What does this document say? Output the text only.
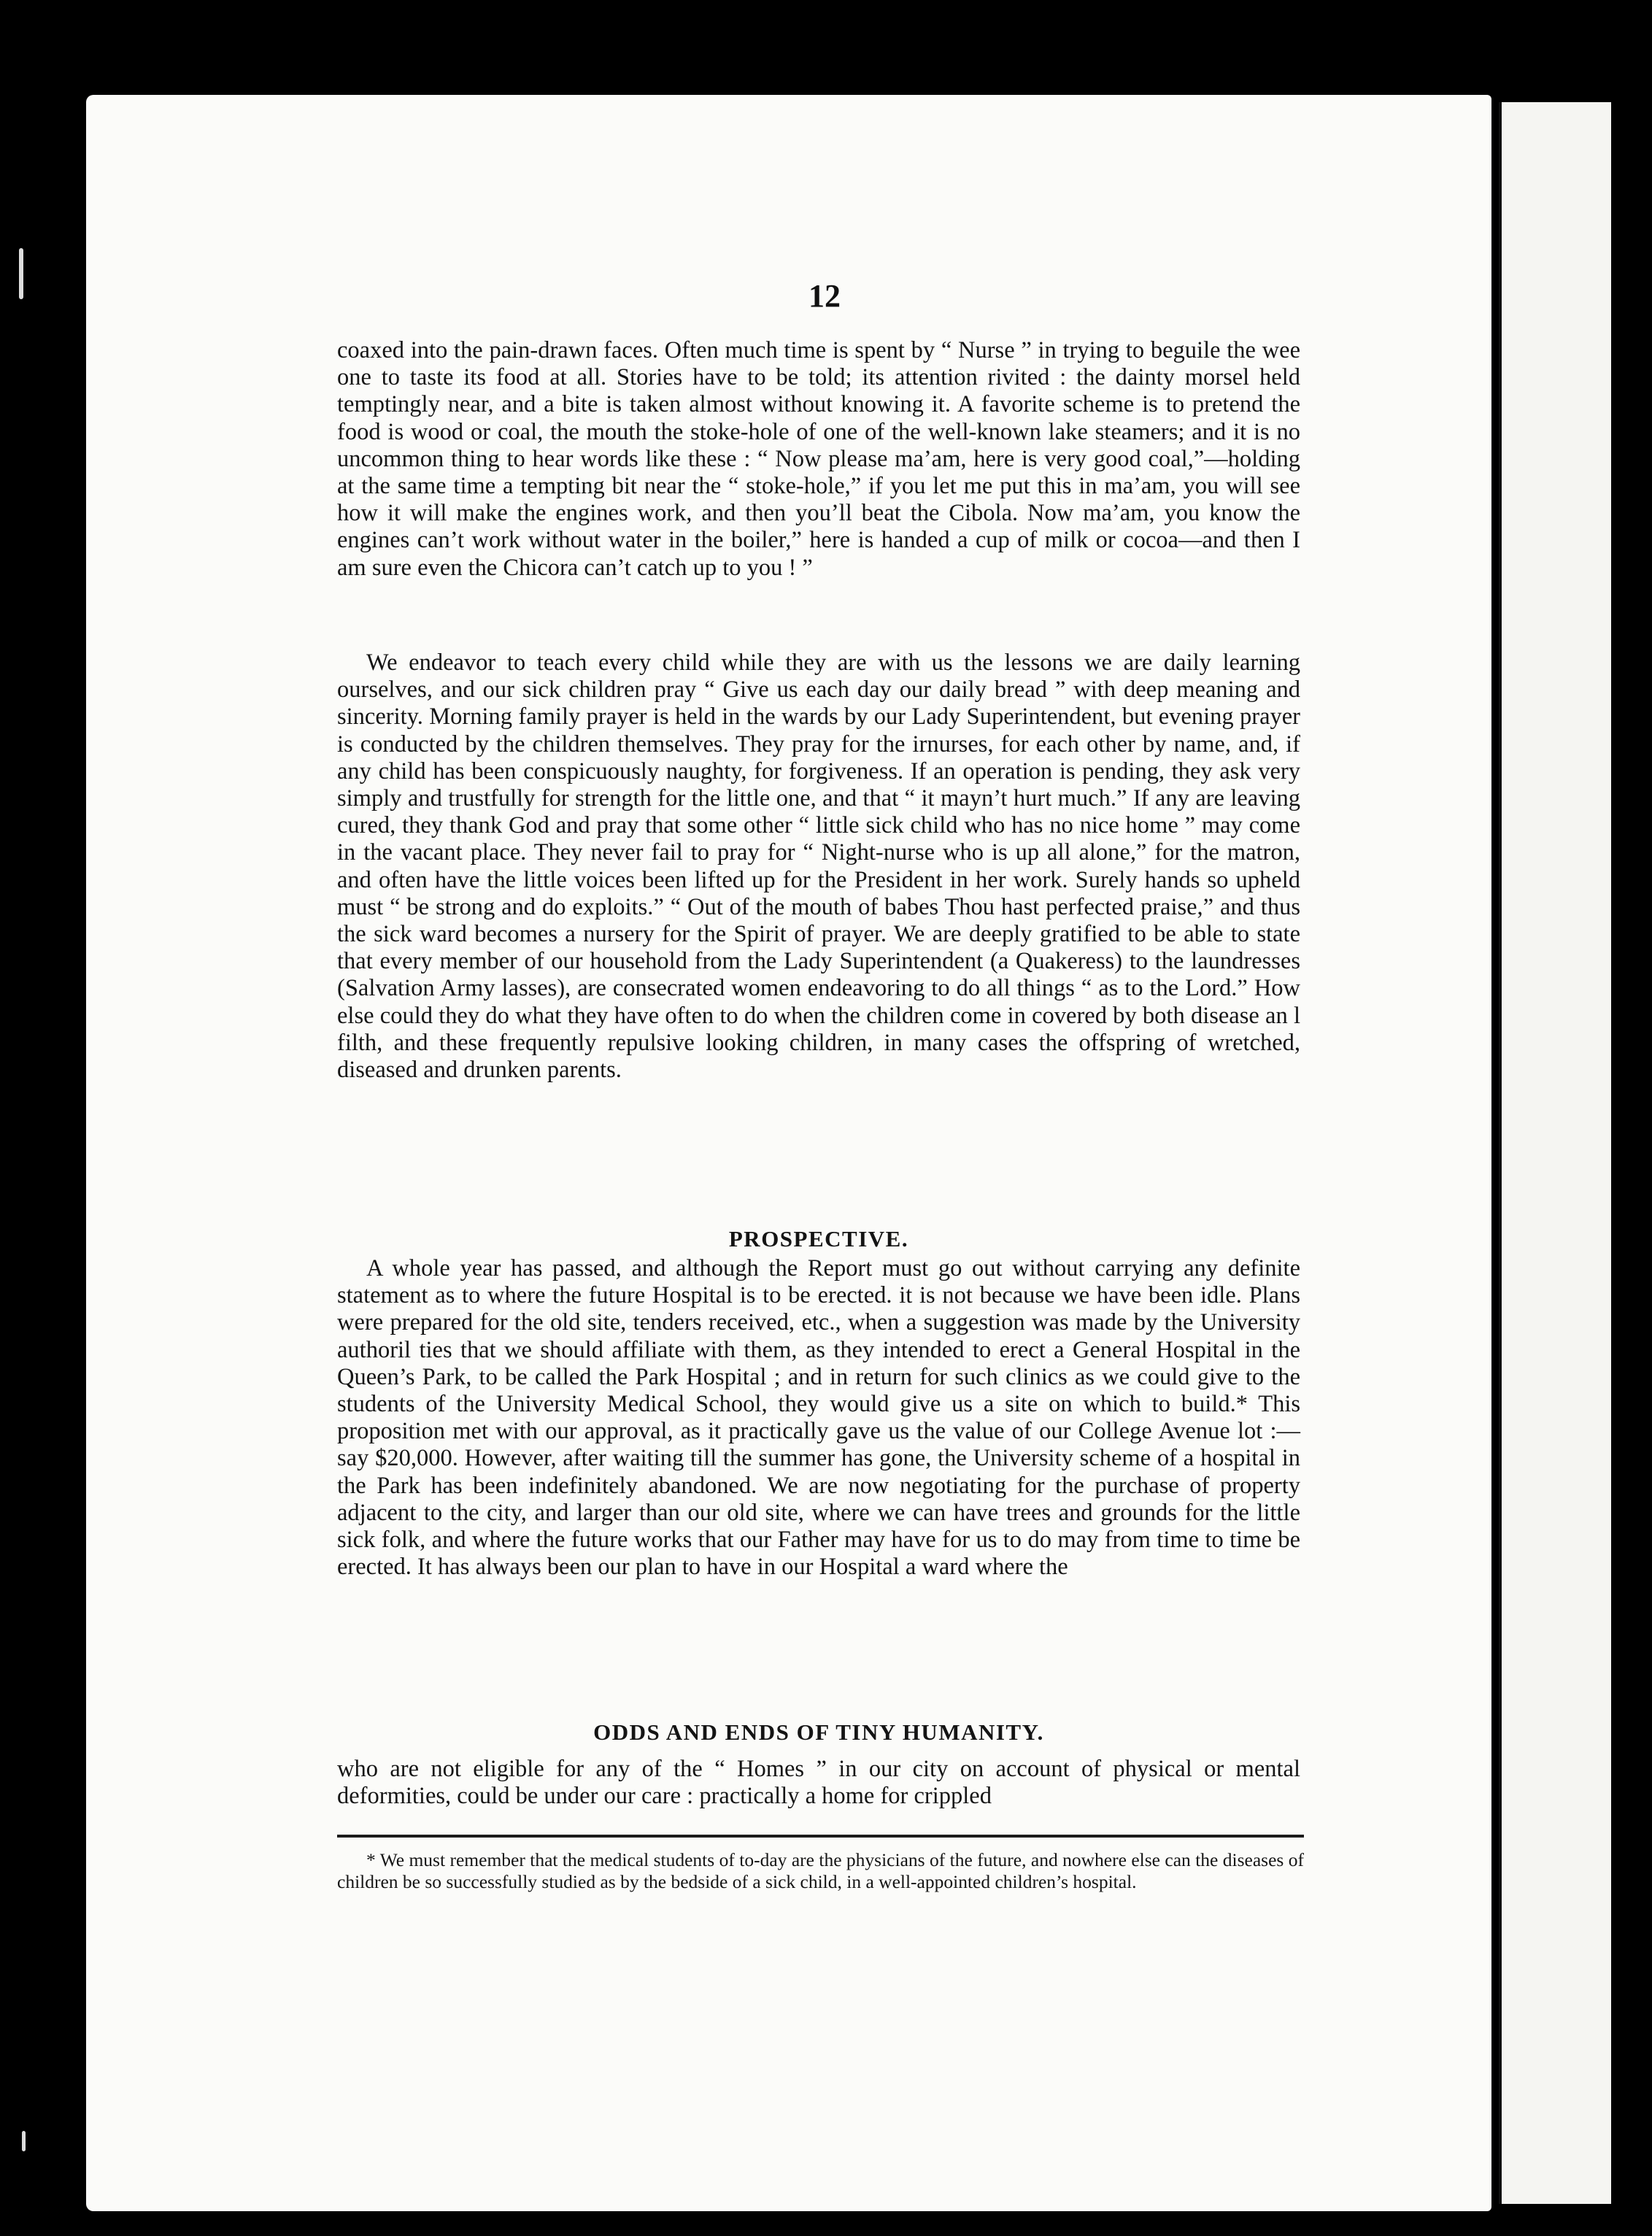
12

coaxed into the pain-drawn faces. Often much time is spent by “ Nurse ” in trying to beguile the wee one to taste its food at all. Stories have to be told; its attention rivited : the dainty morsel held temptingly near, and a bite is taken almost without knowing it. A favorite scheme is to pretend the food is wood or coal, the mouth the stoke-hole of one of the well-known lake steamers; and it is no uncommon thing to hear words like these : “ Now please ma’am, here is very good coal,”—holding at the same time a tempting bit near the “ stoke-hole,” if you let me put this in ma’am, you will see how it will make the engines work, and then you’ll beat the Cibola. Now ma’am, you know the engines can’t work without water in the boiler,” here is handed a cup of milk or cocoa—and then I am sure even the Chicora can’t catch up to you ! ”

We endeavor to teach every child while they are with us the lessons we are daily learning ourselves, and our sick children pray “ Give us each day our daily bread ” with deep meaning and sincerity. Morning family prayer is held in the wards by our Lady Superintendent, but evening prayer is conducted by the children themselves. They pray for the irnurses, for each other by name, and, if any child has been conspicuously naughty, for forgiveness. If an operation is pending, they ask very simply and trustfully for strength for the little one, and that “ it mayn’t hurt much.” If any are leaving cured, they thank God and pray that some other “ little sick child who has no nice home ” may come in the vacant place. They never fail to pray for “ Night-nurse who is up all alone,” for the matron, and often have the little voices been lifted up for the President in her work. Surely hands so upheld must “ be strong and do exploits.” “ Out of the mouth of babes Thou hast perfected praise,” and thus the sick ward becomes a nursery for the Spirit of prayer. We are deeply gratified to be able to state that every member of our household from the Lady Superintendent (a Quakeress) to the laundresses (Salvation Army lasses), are consecrated women endeavoring to do all things “ as to the Lord.” How else could they do what they have often to do when the children come in covered by both disease an l filth, and these frequently repulsive looking children, in many cases the offspring of wretched, diseased and drunken parents.

PROSPECTIVE.

A whole year has passed, and although the Report must go out without carrying any definite statement as to where the future Hospital is to be erected. it is not because we have been idle. Plans were prepared for the old site, tenders received, etc., when a suggestion was made by the University authoril ties that we should affiliate with them, as they intended to erect a General Hospital in the Queen’s Park, to be called the Park Hospital ; and in return for such clinics as we could give to the students of the University Medical School, they would give us a site on which to build.* This proposition met with our approval, as it practically gave us the value of our College Avenue lot :—say $20,000. However, after waiting till the summer has gone, the University scheme of a hospital in the Park has been indefinitely abandoned. We are now negotiating for the purchase of property adjacent to the city, and larger than our old site, where we can have trees and grounds for the little sick folk, and where the future works that our Father may have for us to do may from time to time be erected. It has always been our plan to have in our Hospital a ward where the

ODDS AND ENDS OF TINY HUMANITY.

who are not eligible for any of the “ Homes ” in our city on account of physical or mental deformities, could be under our care : practically a home for crippled

* We must remember that the medical students of to-day are the physicians of the future, and nowhere else can the diseases of children be so successfully studied as by the bedside of a sick child, in a well-appointed children’s hospital.
